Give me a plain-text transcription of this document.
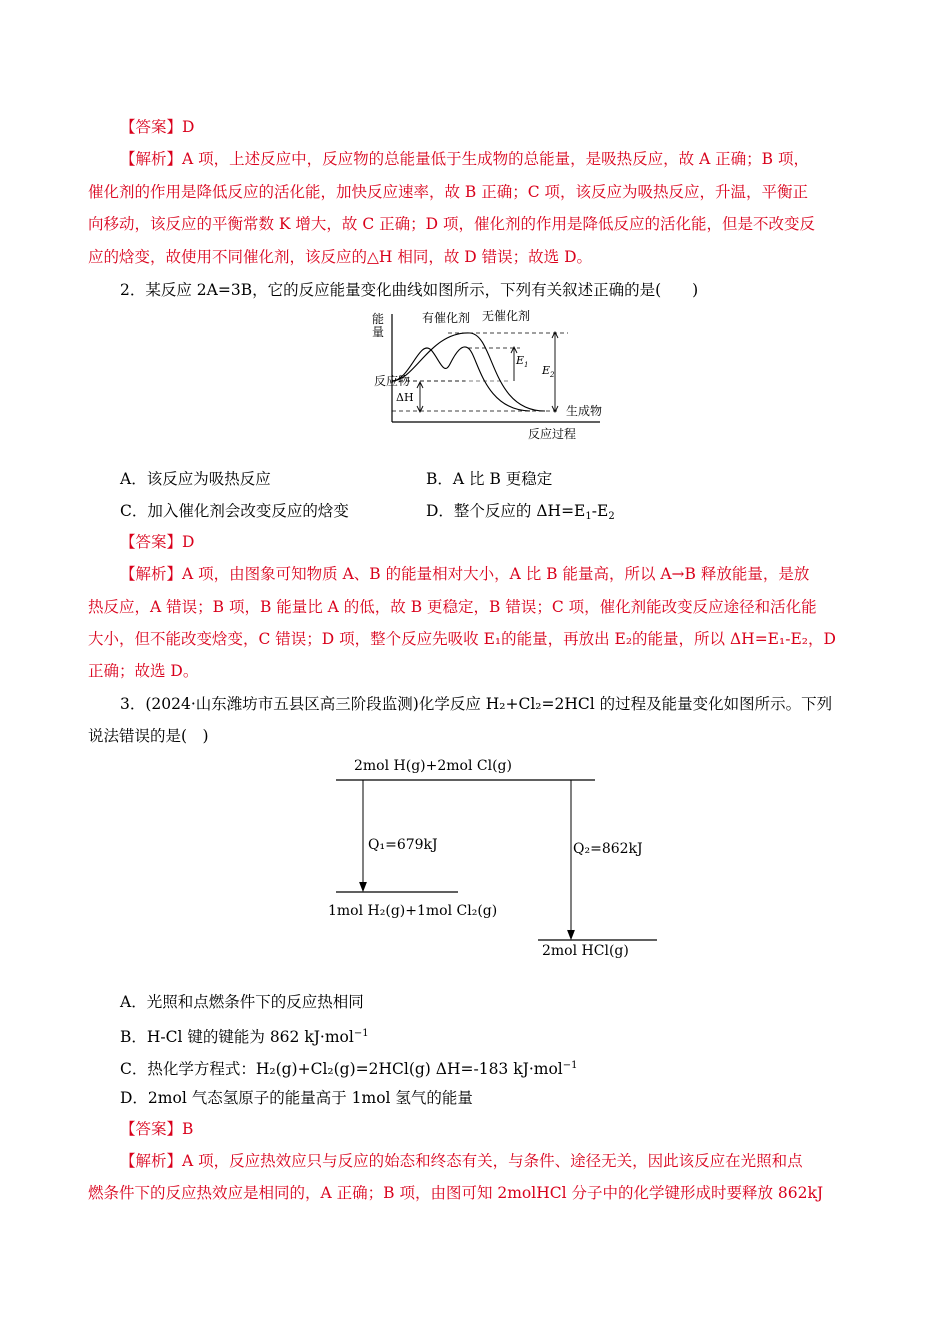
【答案】D
【解析】A 项，上述反应中，反应物的总能量低于生成物的总能量，是吸热反应，故 A 正确；B 项，
催化剂的作用是降低反应的活化能，加快反应速率，故 B 正确；C 项，该反应为吸热反应，升温，平衡正
向移动，该反应的平衡常数 K 增大，故 C 正确；D 项，催化剂的作用是降低反应的活化能，但是不改变反
应的焓变，故使用不同催化剂，该反应的△H 相同，故 D 错误；故选 D。
2．某反应 2A=3B，它的反应能量变化曲线如图所示，下列有关叙述正确的是(　　)
能
量
有催化剂 无催化剂
反应物
生成物
反应过程
$E_1$ $E_2$
ΔH
A．该反应为吸热反应	B．A 比 B 更稳定
C．加入催化剂会改变反应的焓变	D．整个反应的 $\Delta H=E_1-E_2$
【答案】D
【解析】A 项，由图象可知物质 A、B 的能量相对大小，A 比 B 能量高，所以 A→B 释放能量，是放
热反应，A 错误；B 项，B 能量比 A 的低，故 B 更稳定，B 错误；C 项，催化剂能改变反应途径和活化能
大小，但不能改变焓变，C 错误；D 项，整个反应先吸收 E₁的能量，再放出 E₂的能量，所以 ΔH=E₁-E₂，D
正确；故选 D。
3．(2024·山东潍坊市五县区高三阶段监测)化学反应 H₂+Cl₂=2HCl 的过程及能量变化如图所示。下列
说法错误的是(　)
2mol H(g)+2mol Cl(g)
Q₁=679kJ	Q₂=862kJ
1mol H₂(g)+1mol Cl₂(g)
2mol HCl(g)
A．光照和点燃条件下的反应热相同
B．H-Cl 键的键能为 862 kJ·mol$^{-1}$
C．热化学方程式：H₂(g)+Cl₂(g)=2HCl(g) ΔH=-183 kJ·mol$^{-1}$
D．2mol 气态氢原子的能量高于 1mol 氢气的能量
【答案】B
【解析】A 项，反应热效应只与反应的始态和终态有关，与条件、途径无关，因此该反应在光照和点
燃条件下的反应热效应是相同的，A 正确；B 项，由图可知 2molHCl 分子中的化学键形成时要释放 862kJ
